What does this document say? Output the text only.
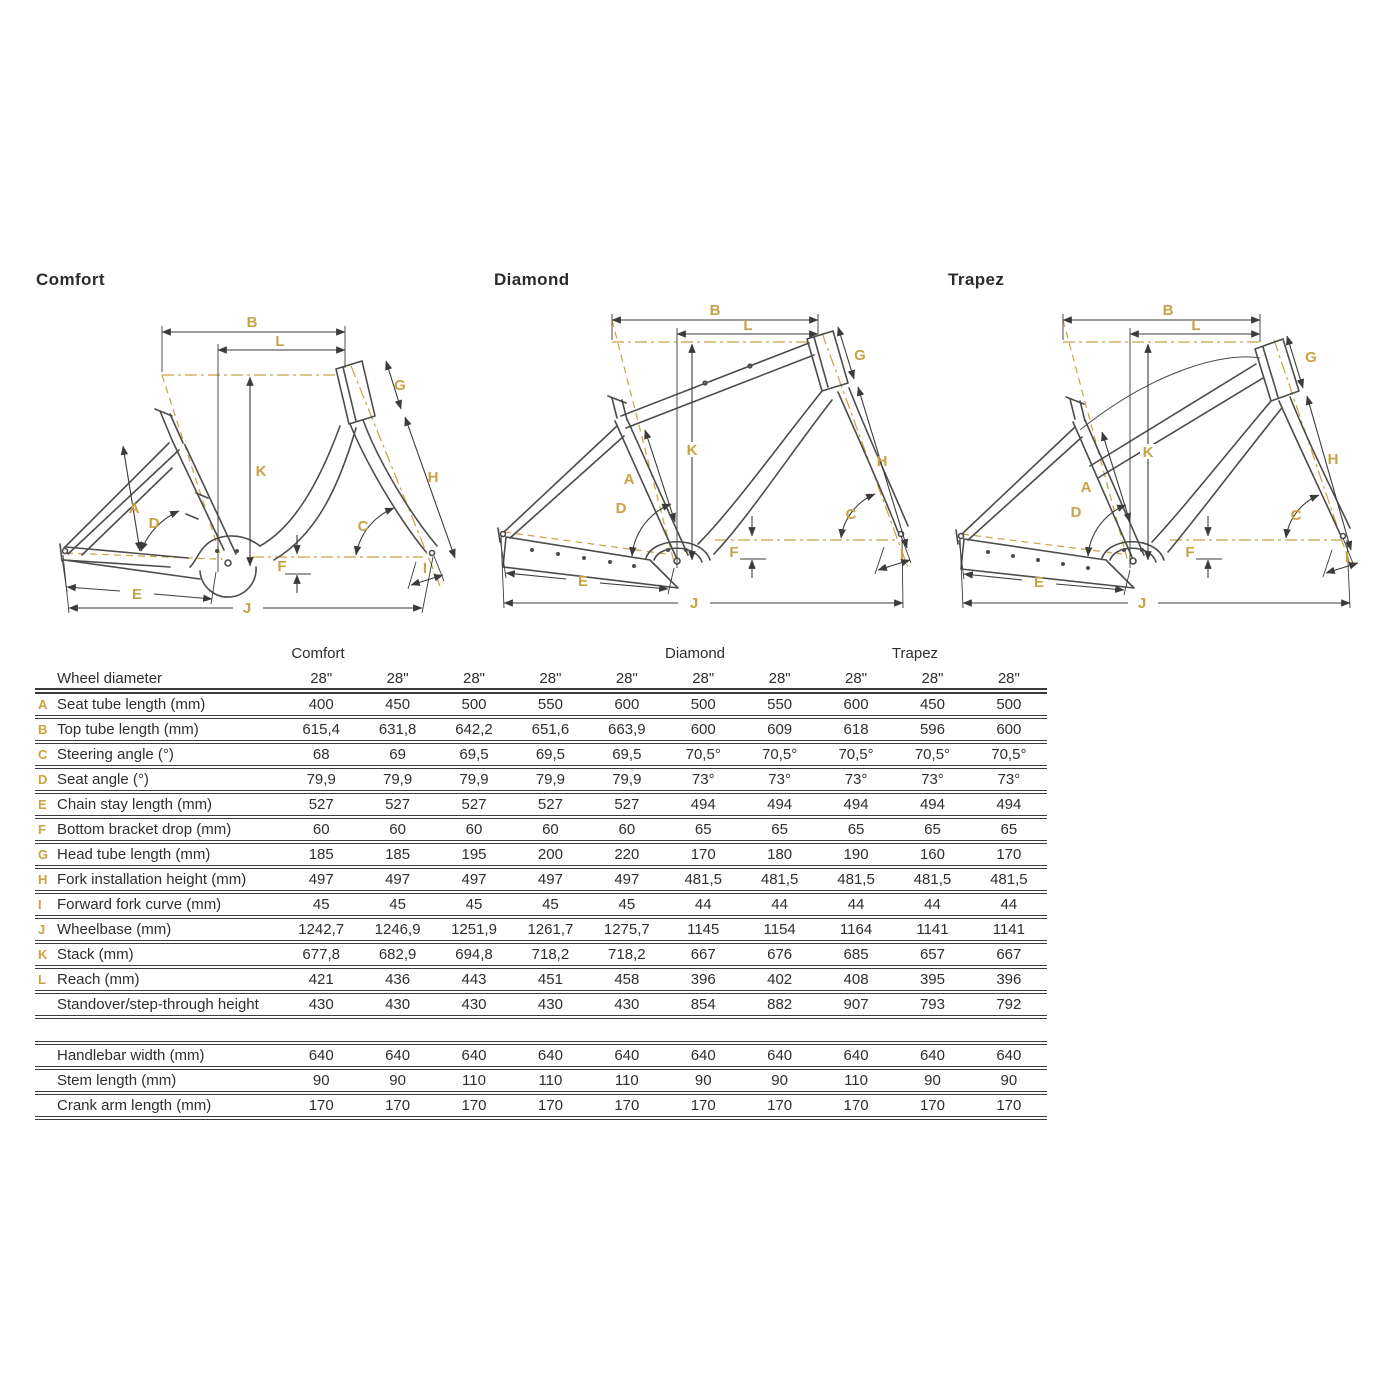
Comfort
B
L
K
A
D	C
G
H
E
F	I
J
Diamond
B
L
K
A
D	C
G
H
E
F	I
J
Trapez
B
L
K
A
D	C
G
H
E
F	I
J
Comfort	Diamond	Trapez
Wheel diameter	28"	28"	28"	28"	28"	28"	28"	28"	28"	28"
A Seat tube length (mm)	400	450	500	550	600	500	550	600	450	500
B Top tube length (mm)	615,4	631,8	642,2	651,6	663,9	600	609	618	596	600
C Steering angle (°)	68	69	69,5	69,5	69,5	70,5°	70,5°	70,5°	70,5°	70,5°
D Seat angle (°)	79,9	79,9	79,9	79,9	79,9	73°	73°	73°	73°	73°
E Chain stay length (mm)	527	527	527	527	527	494	494	494	494	494
F Bottom bracket drop (mm)	60	60	60	60	60	65	65	65	65	65
G Head tube length (mm)	185	185	195	200	220	170	180	190	160	170
H Fork installation height (mm)	497	497	497	497	497	481,5	481,5	481,5	481,5	481,5
I	Forward fork curve (mm)	45	45	45	45	45	44	44	44	44	44
J Wheelbase (mm)	1242,7	1246,9	1251,9	1261,7	1275,7	1145	1154	1164	1141	1141
K Stack (mm)	677,8	682,9	694,8	718,2	718,2	667	676	685	657	667
L Reach (mm)	421	436	443	451	458	396	402	408	395	396
Standover/step-through height	430	430	430	430	430	854	882	907	793	792
Handlebar width (mm)	640	640	640	640	640	640	640	640	640	640
Stem length (mm)	90	90	110	110	110	90	90	110	90	90
Crank arm length (mm)	170	170	170	170	170	170	170	170	170	170
